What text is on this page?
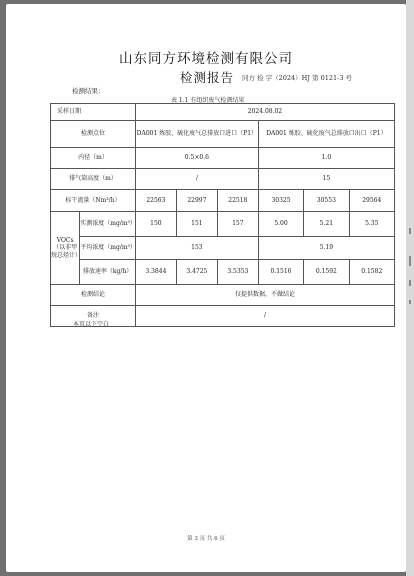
山东同方环境检测有限公司
检测报告 同方 检 字（2024）HJ 第 0121-3 号
检测结果：
表 1.1 有组织废气检测结果
采样日期		2024.08.02					
检测点位		DA001 炼胶、硫化废气总排放口进口（P1）			DA001 炼胶、硫化废气总排放口出口（P1）		
内径（m）		0.5×0.6			1.0		
排气筒高度（m）		/			15		
标干流量（Nm³/h）		22563	22997	22518	30325	30553	29564
VOCs（以非甲烷总烃计）	实测浓度（mg/m³）	150	151	157	5.00	5.21	5.35
	平均浓度（mg/m³）	153			5.19		
	排放速率（kg/h）	3.3844	3.4725	3.5353	0.1516	0.1592	0.1582
检测结论		仅提供数据，不做结论					
备注		/					
本页以下空白
第 3 页 共 6 页
